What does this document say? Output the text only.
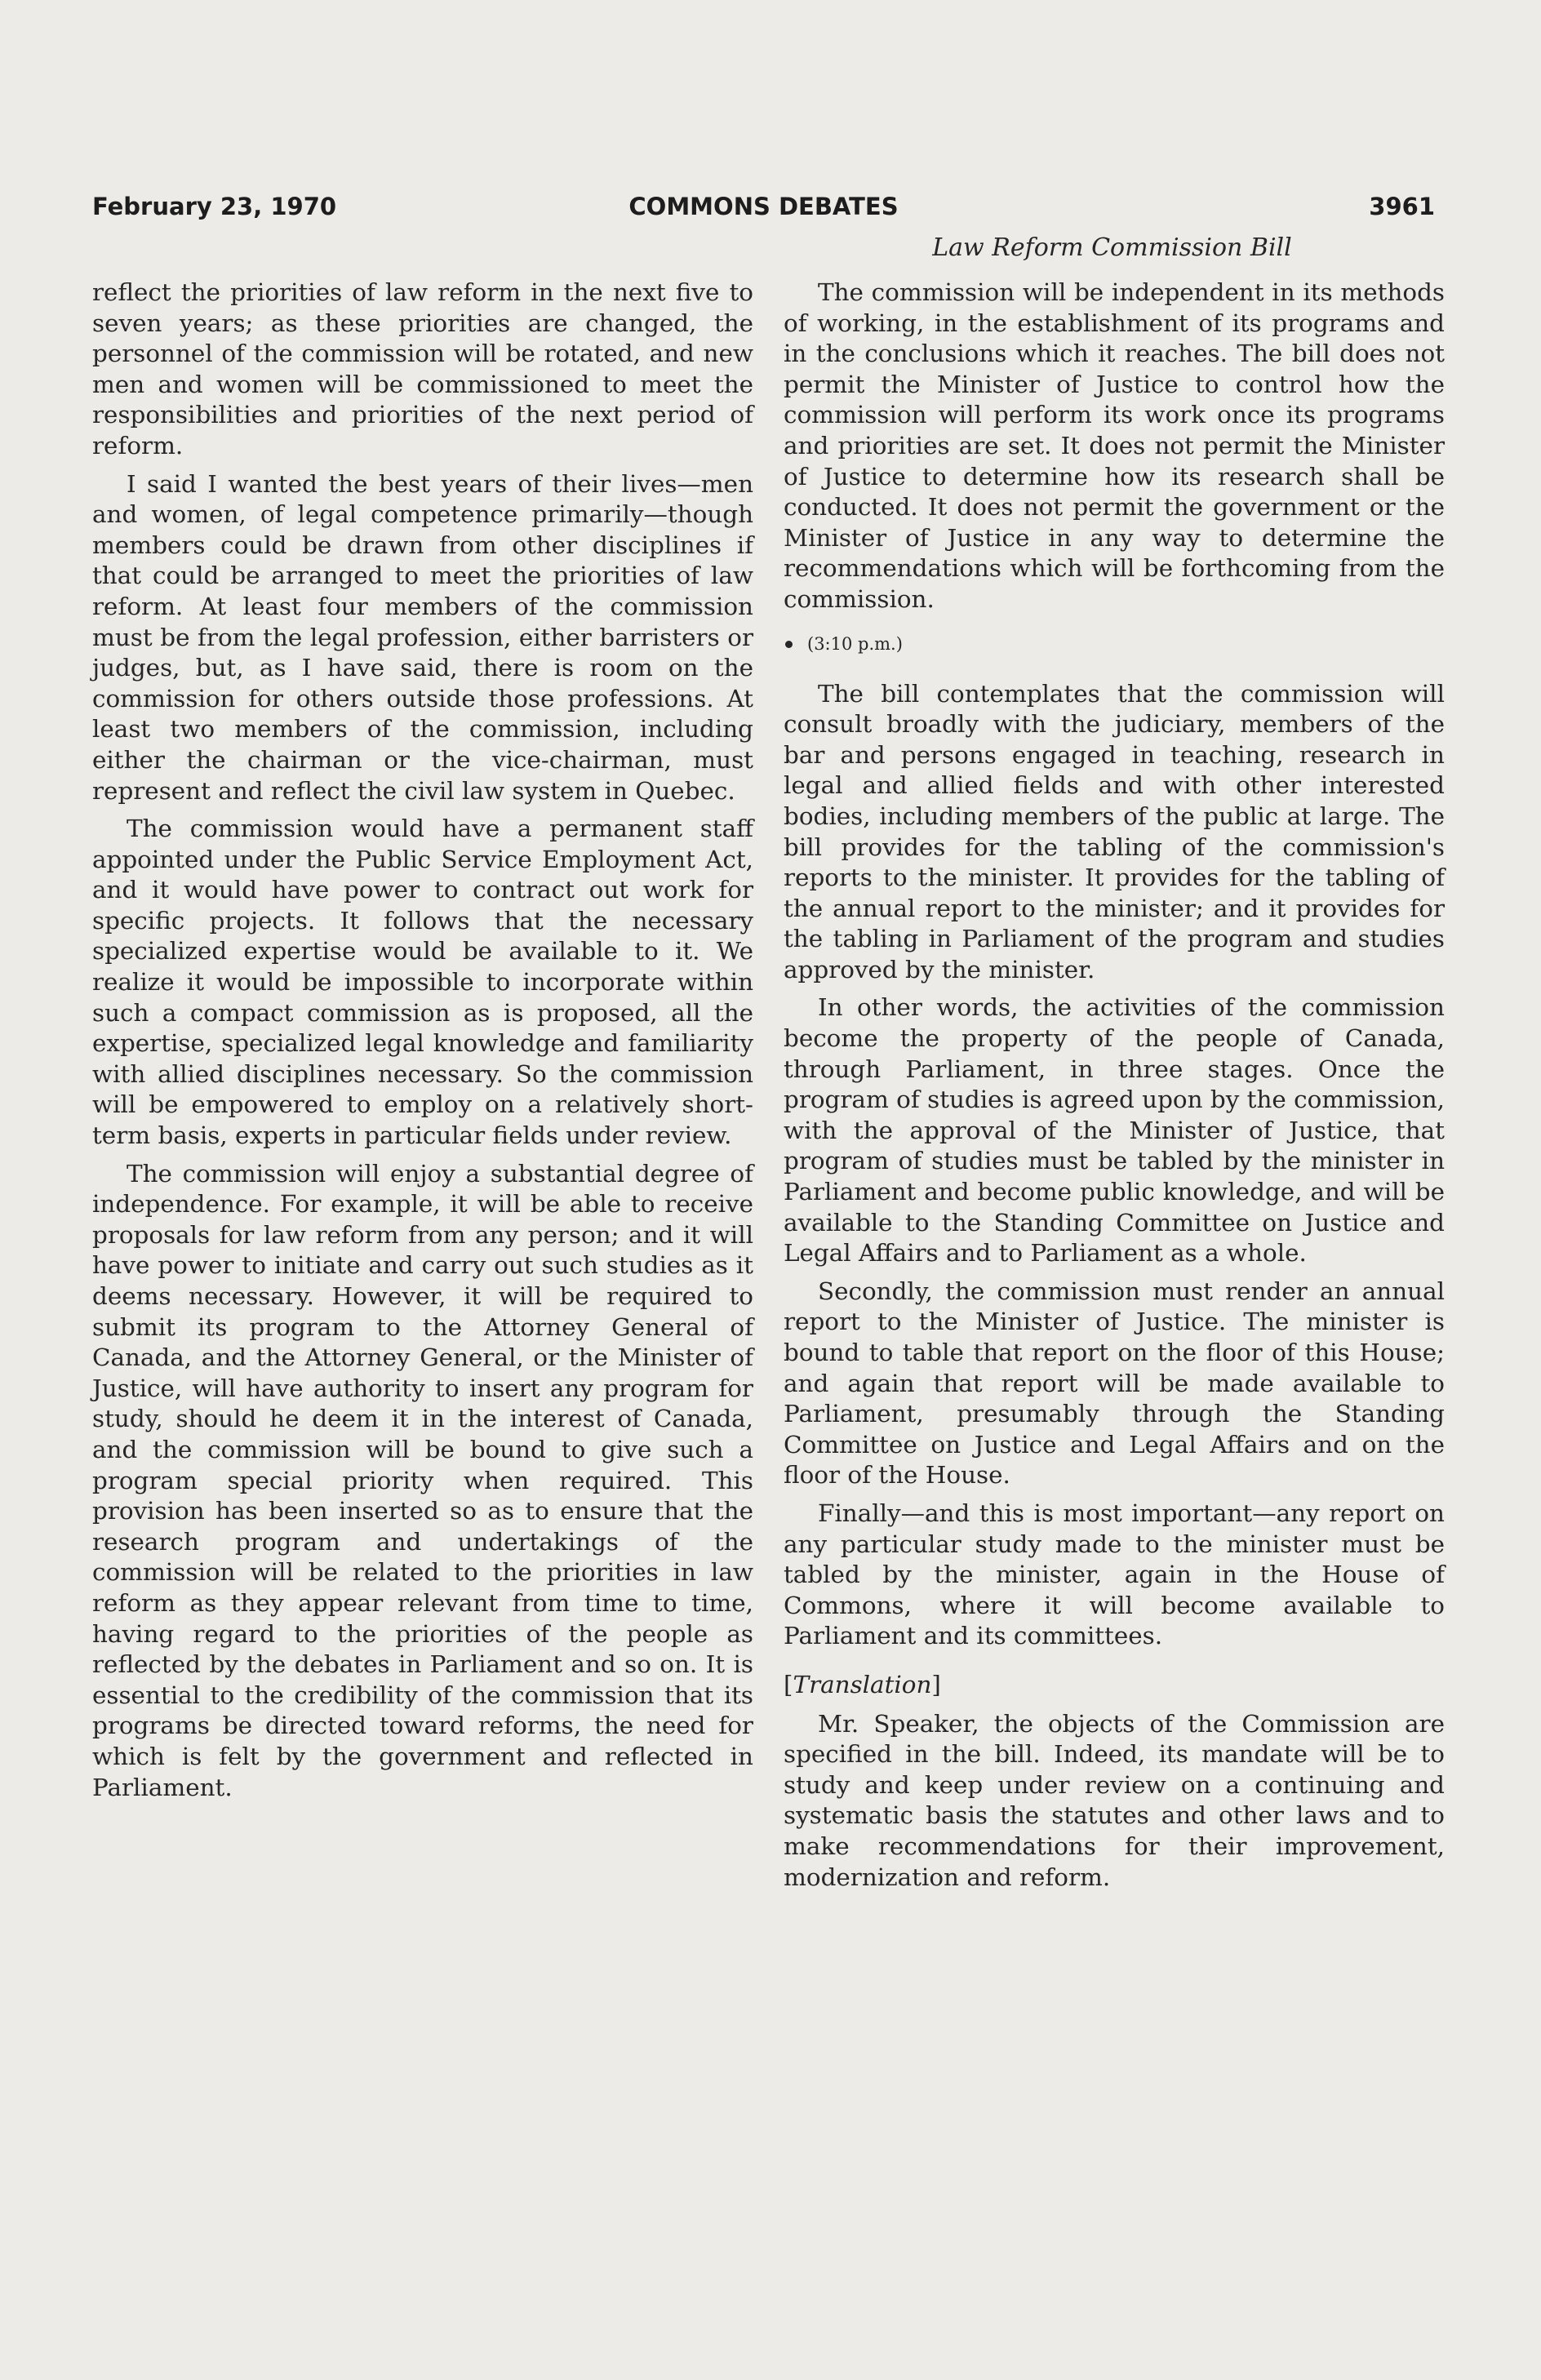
February 23, 1970	COMMONS DEBATES	3961
Law Reform Commission Bill

reflect the priorities of law reform in the next five to seven years; as these priorities are changed, the personnel of the commission will be rotated, and new men and women will be commissioned to meet the responsibilities and priorities of the next period of reform.

I said I wanted the best years of their lives—men and women, of legal competence primarily—though members could be drawn from other disciplines if that could be arranged to meet the priorities of law reform. At least four members of the commission must be from the legal profession, either barristers or judges, but, as I have said, there is room on the commission for others outside those professions. At least two members of the commission, including either the chairman or the vice-chairman, must represent and reflect the civil law system in Quebec.

The commission would have a permanent staff appointed under the Public Service Employment Act, and it would have power to contract out work for specific projects. It follows that the necessary specialized expertise would be available to it. We realize it would be impossible to incorporate within such a compact commission as is proposed, all the expertise, specialized legal knowledge and familiarity with allied disciplines necessary. So the commission will be empowered to employ on a relatively short-term basis, experts in particular fields under review.

The commission will enjoy a substantial degree of independence. For example, it will be able to receive proposals for law reform from any person; and it will have power to initiate and carry out such studies as it deems necessary. However, it will be required to submit its program to the Attorney General of Canada, and the Attorney General, or the Minister of Justice, will have authority to insert any program for study, should he deem it in the interest of Canada, and the commission will be bound to give such a program special priority when required. This provision has been inserted so as to ensure that the research program and undertakings of the commission will be related to the priorities in law reform as they appear relevant from time to time, having regard to the priorities of the people as reflected by the debates in Parliament and so on. It is essential to the credibility of the commission that its programs be directed toward reforms, the need for which is felt by the government and reflected in Parliament.

The commission will be independent in its methods of working, in the establishment of its programs and in the conclusions which it reaches. The bill does not permit the Minister of Justice to control how the commission will perform its work once its programs and priorities are set. It does not permit the Minister of Justice to determine how its research shall be conducted. It does not permit the government or the Minister of Justice in any way to determine the recommendations which will be forthcoming from the commission.

(3:10 p.m.)

The bill contemplates that the commission will consult broadly with the judiciary, members of the bar and persons engaged in teaching, research in legal and allied fields and with other interested bodies, including members of the public at large. The bill provides for the tabling of the commission's reports to the minister. It provides for the tabling of the annual report to the minister; and it provides for the tabling in Parliament of the program and studies approved by the minister.

In other words, the activities of the commission become the property of the people of Canada, through Parliament, in three stages. Once the program of studies is agreed upon by the commission, with the approval of the Minister of Justice, that program of studies must be tabled by the minister in Parliament and become public knowledge, and will be available to the Standing Committee on Justice and Legal Affairs and to Parliament as a whole.

Secondly, the commission must render an annual report to the Minister of Justice. The minister is bound to table that report on the floor of this House; and again that report will be made available to Parliament, presumably through the Standing Committee on Justice and Legal Affairs and on the floor of the House.

Finally—and this is most important—any report on any particular study made to the minister must be tabled by the minister, again in the House of Commons, where it will become available to Parliament and its committees.

[Translation]

Mr. Speaker, the objects of the Commission are specified in the bill. Indeed, its mandate will be to study and keep under review on a continuing and systematic basis the statutes and other laws and to make recommendations for their improvement, modernization and reform.
